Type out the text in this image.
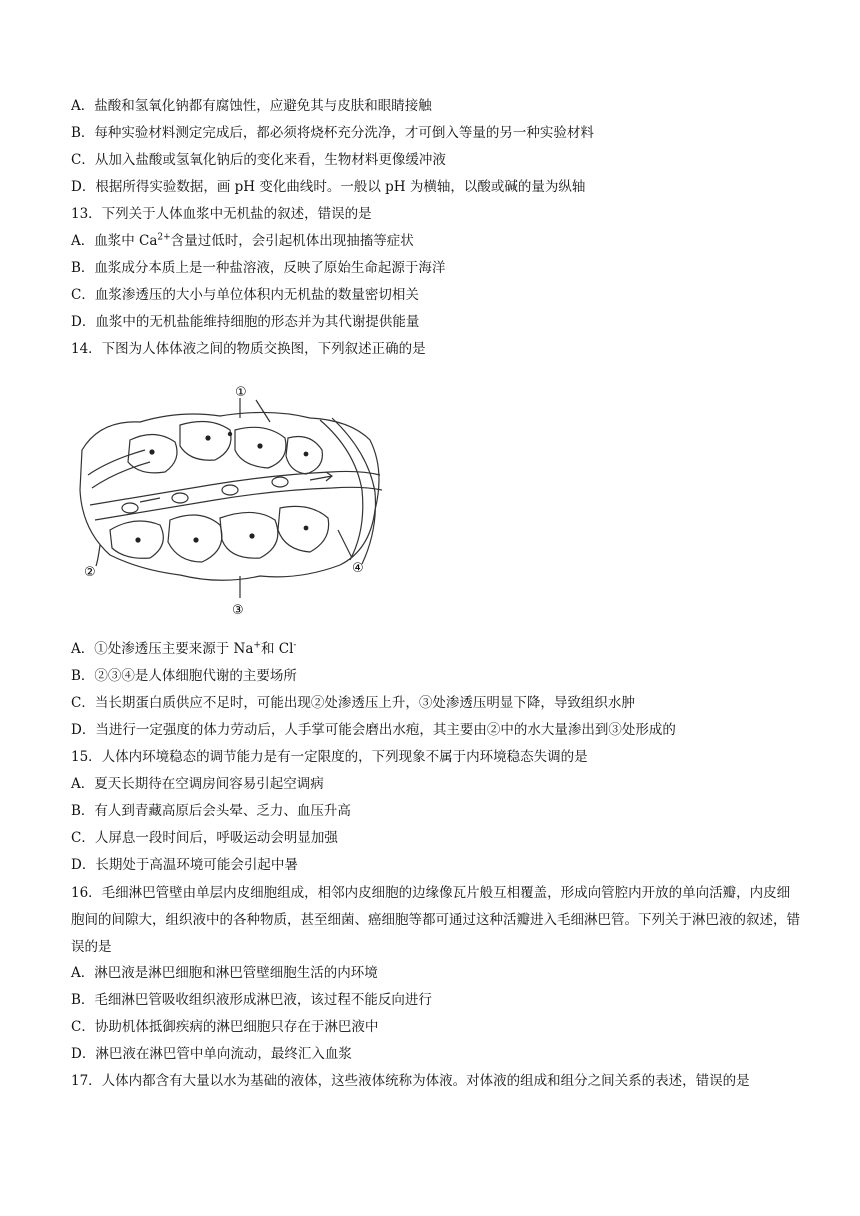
A．盐酸和氢氧化钠都有腐蚀性，应避免其与皮肤和眼睛接触
B．每种实验材料测定完成后，都必须将烧杯充分洗净，才可倒入等量的另一种实验材料
C．从加入盐酸或氢氧化钠后的变化来看，生物材料更像缓冲液
D．根据所得实验数据，画 pH 变化曲线时。一般以 pH 为横轴，以酸或碱的量为纵轴
13．下列关于人体血浆中无机盐的叙述，错误的是
A．血浆中 $Ca^{2+}$含量过低时，会引起机体出现抽搐等症状
B．血浆成分本质上是一种盐溶液，反映了原始生命起源于海洋
C．血浆渗透压的大小与单位体积内无机盐的数量密切相关
D．血浆中的无机盐能维持细胞的形态并为其代谢提供能量
14．下图为人体体液之间的物质交换图，下列叙述正确的是
①
②
③
④
A．①处渗透压主要来源于 Na+和 Cl-
B．②③④是人体细胞代谢的主要场所
C．当长期蛋白质供应不足时，可能出现②处渗透压上升，③处渗透压明显下降，导致组织水肿
D．当进行一定强度的体力劳动后，人手掌可能会磨出水疱，其主要由②中的水大量渗出到③处形成的
15．人体内环境稳态的调节能力是有一定限度的，下列现象不属于内环境稳态失调的是
A．夏天长期待在空调房间容易引起空调病
B．有人到青藏高原后会头晕、乏力、血压升高
C．人屏息一段时间后，呼吸运动会明显加强
D．长期处于高温环境可能会引起中暑
16．毛细淋巴管壁由单层内皮细胞组成，相邻内皮细胞的边缘像瓦片般互相覆盖，形成向管腔内开放的单向活瓣，内皮细胞间的间隙大，组织液中的各种物质，甚至细菌、癌细胞等都可通过这种活瓣进入毛细淋巴管。下列关于淋巴液的叙述，错误的是
A．淋巴液是淋巴细胞和淋巴管壁细胞生活的内环境
B．毛细淋巴管吸收组织液形成淋巴液，该过程不能反向进行
C．协助机体抵御疾病的淋巴细胞只存在于淋巴液中
D．淋巴液在淋巴管中单向流动，最终汇入血浆
17．人体内都含有大量以水为基础的液体，这些液体统称为体液。对体液的组成和组分之间关系的表述，错误的是
